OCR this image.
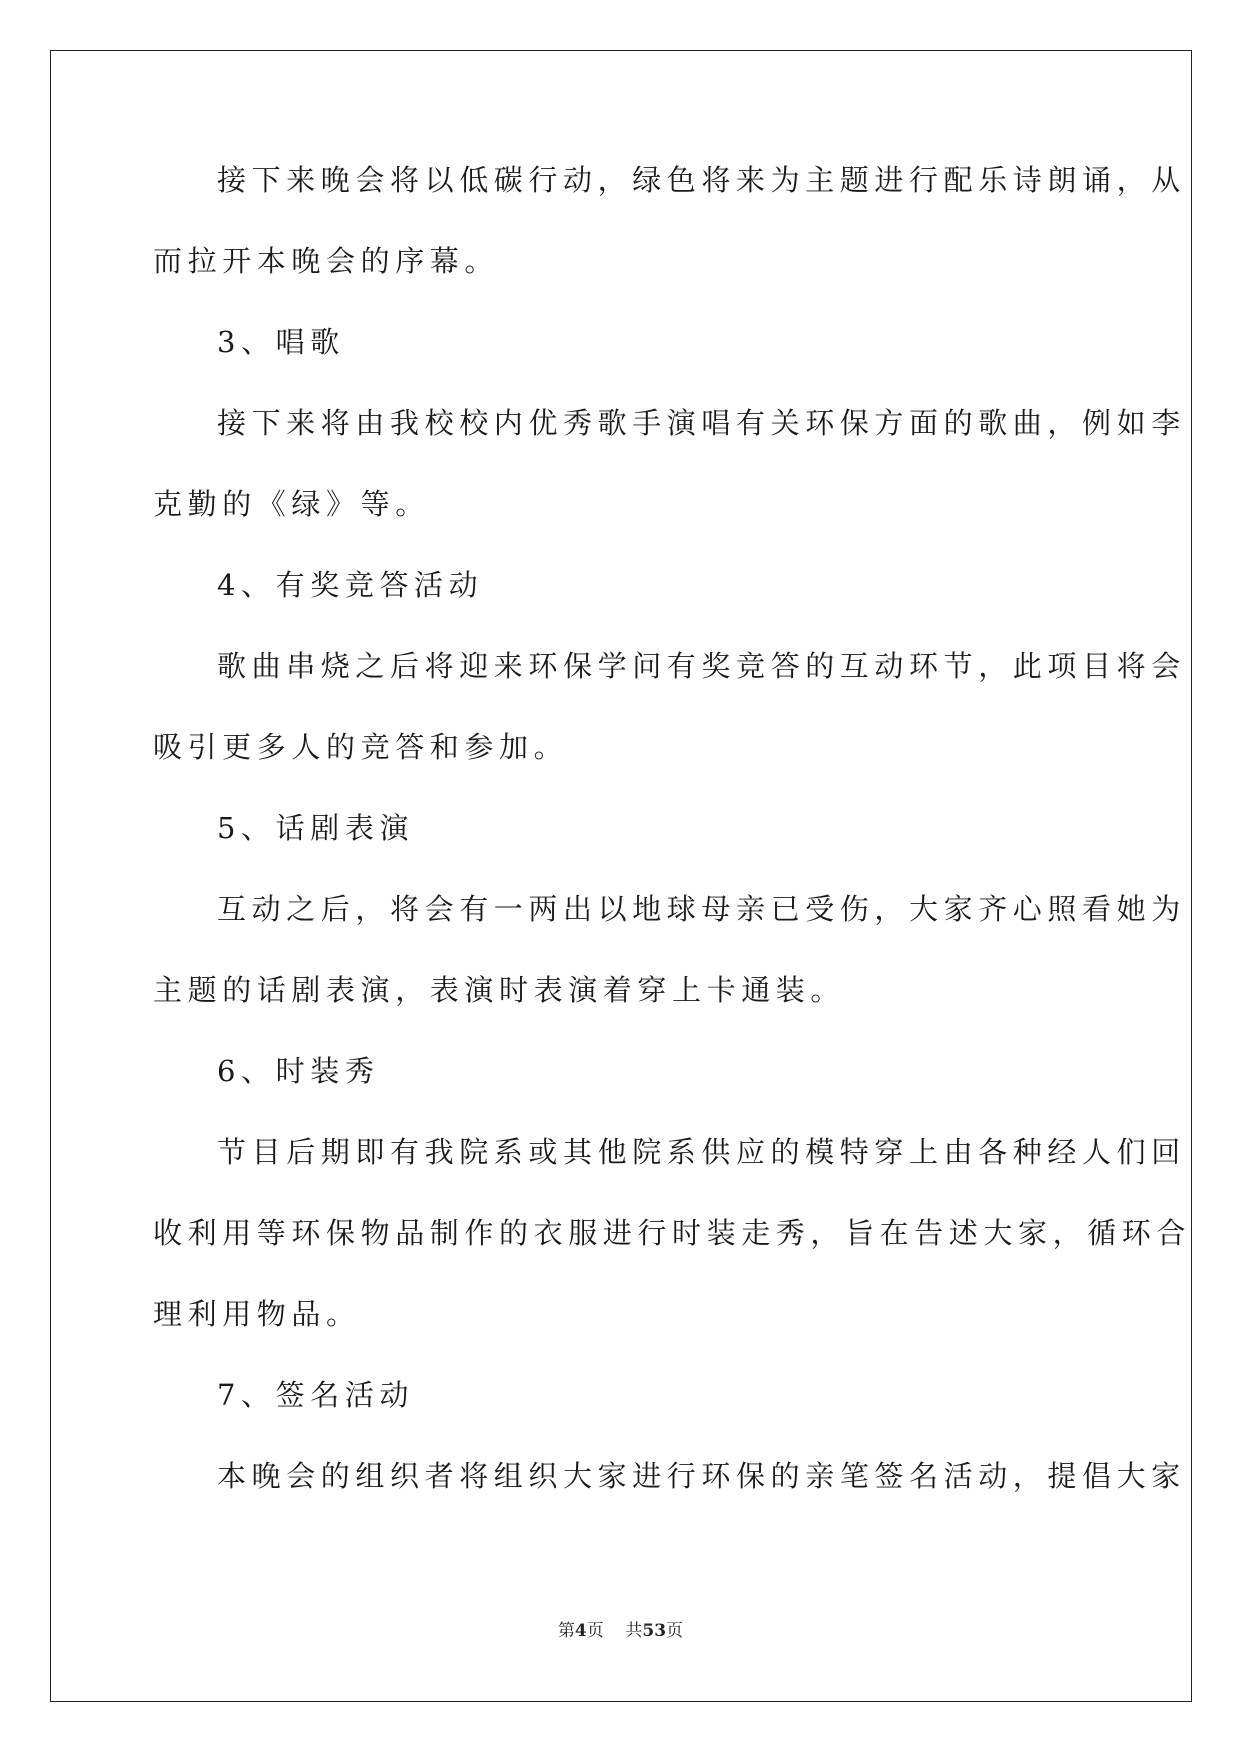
接下来晚会将以低碳行动，绿色将来为主题进行配乐诗朗诵，从
而拉开本晚会的序幕。
3、唱歌
接下来将由我校校内优秀歌手演唱有关环保方面的歌曲，例如李
克勤的《绿》等。
4、有奖竞答活动
歌曲串烧之后将迎来环保学问有奖竞答的互动环节，此项目将会
吸引更多人的竞答和参加。
5、话剧表演
互动之后，将会有一两出以地球母亲已受伤，大家齐心照看她为
主题的话剧表演，表演时表演着穿上卡通装。
6、时装秀
节目后期即有我院系或其他院系供应的模特穿上由各种经人们回
收利用等环保物品制作的衣服进行时装走秀，旨在告述大家，循环合
理利用物品。
7、签名活动
本晚会的组织者将组织大家进行环保的亲笔签名活动，提倡大家
第4页 共53页
